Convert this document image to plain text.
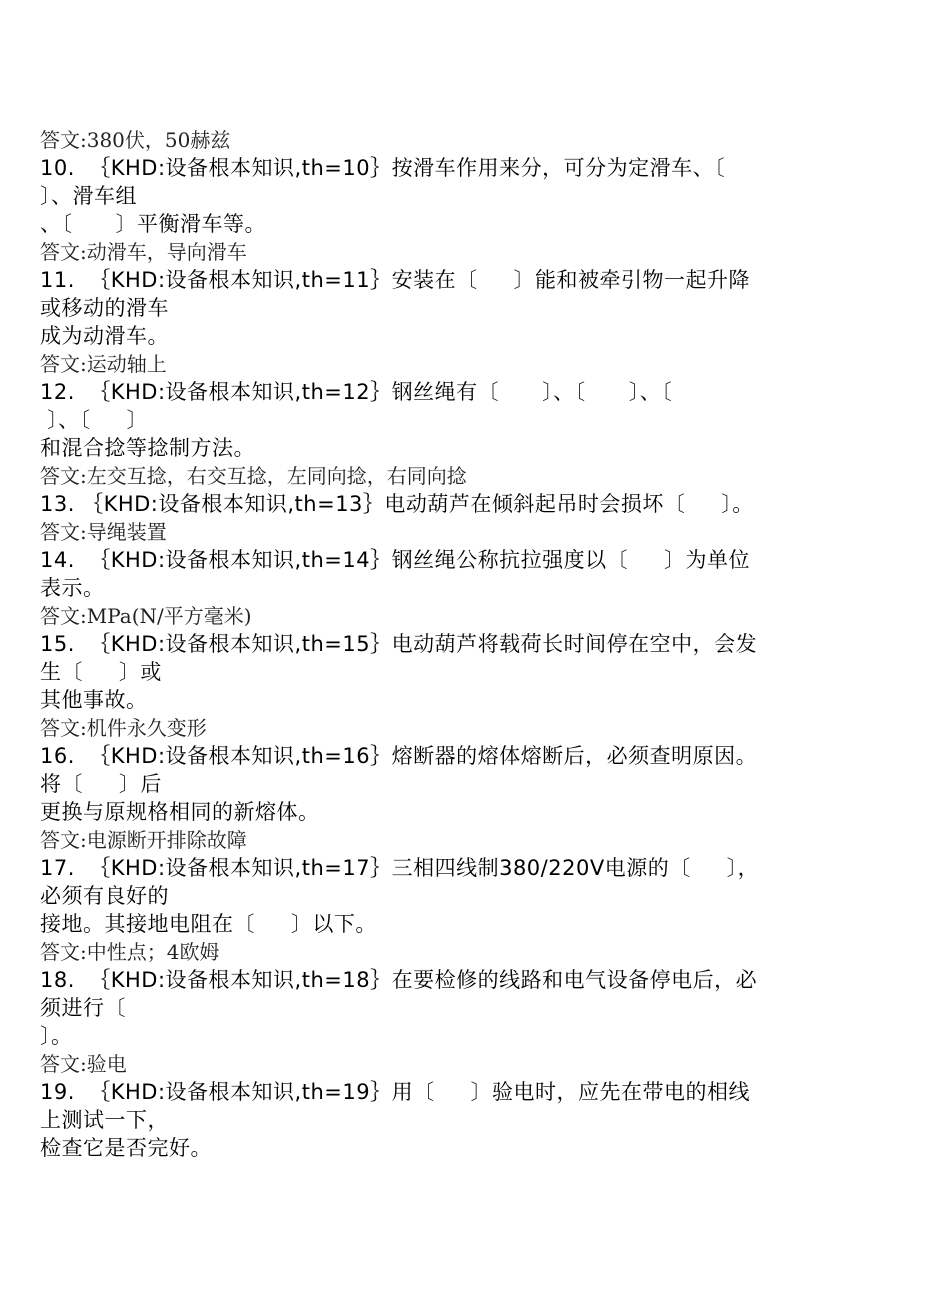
答文:380伏，50赫兹
10.  ｛KHD:设备根本知识,th=10｝按滑车作用来分，可分为定滑车、〔
〕、滑车组
、〔      〕平衡滑车等。
答文:动滑车，导向滑车
11.  ｛KHD:设备根本知识,th=11｝安装在〔     〕能和被牵引物一起升降
或移动的滑车
成为动滑车。
答文:运动轴上
12.  ｛KHD:设备根本知识,th=12｝钢丝绳有〔      〕、〔      〕、〔
〕、〔     〕
和混合捻等捻制方法。
答文:左交互捻，右交互捻，左同向捻，右同向捻
13. ｛KHD:设备根本知识,th=13｝电动葫芦在倾斜起吊时会损坏〔     〕。
答文:导绳装置
14.  ｛KHD:设备根本知识,th=14｝钢丝绳公称抗拉强度以〔     〕为单位
表示。
答文:MPa(N/平方毫米)
15.  ｛KHD:设备根本知识,th=15｝电动葫芦将载荷长时间停在空中，会发
生〔     〕或
其他事故。
答文:机件永久变形
16.  ｛KHD:设备根本知识,th=16｝熔断器的熔体熔断后，必须查明原因。
将〔     〕后
更换与原规格相同的新熔体。
答文:电源断开排除故障
17.  ｛KHD:设备根本知识,th=17｝三相四线制380/220V电源的〔     〕，
必须有良好的
接地。其接地电阻在〔     〕以下。
答文:中性点；4欧姆
18.  ｛KHD:设备根本知识,th=18｝在要检修的线路和电气设备停电后，必
须进行〔
〕。
答文:验电
19.  ｛KHD:设备根本知识,th=19｝用〔     〕验电时，应先在带电的相线
上测试一下，
检查它是否完好。
